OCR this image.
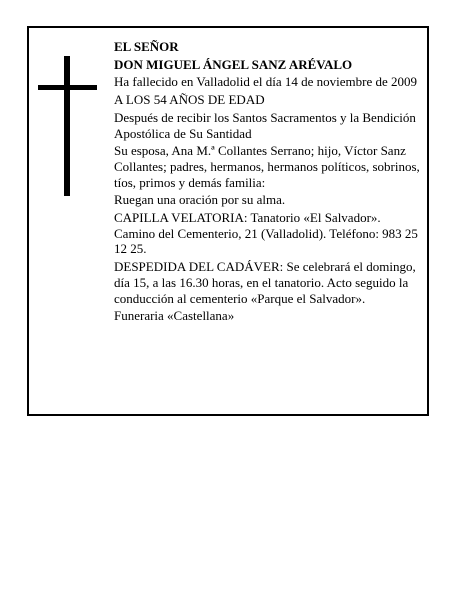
EL SEÑOR

DON MIGUEL ÁNGEL SANZ ARÉVALO

Ha fallecido en Valladolid el día 14 de noviembre de 2009

A LOS 54 AÑOS DE EDAD

Después de recibir los Santos Sacramentos y la Bendición Apostólica de Su Santidad

Su esposa, Ana M.ª Collantes Serrano; hijo, Víctor Sanz Collantes; padres, hermanos, hermanos políticos, sobrinos, tíos, primos y demás familia:

Ruegan una oración por su alma.

CAPILLA VELATORIA: Tanatorio «El Salvador». Camino del Cementerio, 21 (Valladolid). Teléfono: 983 25 12 25.

DESPEDIDA DEL CADÁVER: Se celebrará el domingo, día 15, a las 16.30 horas, en el tanatorio. Acto seguido la conducción al cementerio «Parque el Salvador».

Funeraria «Castellana»
